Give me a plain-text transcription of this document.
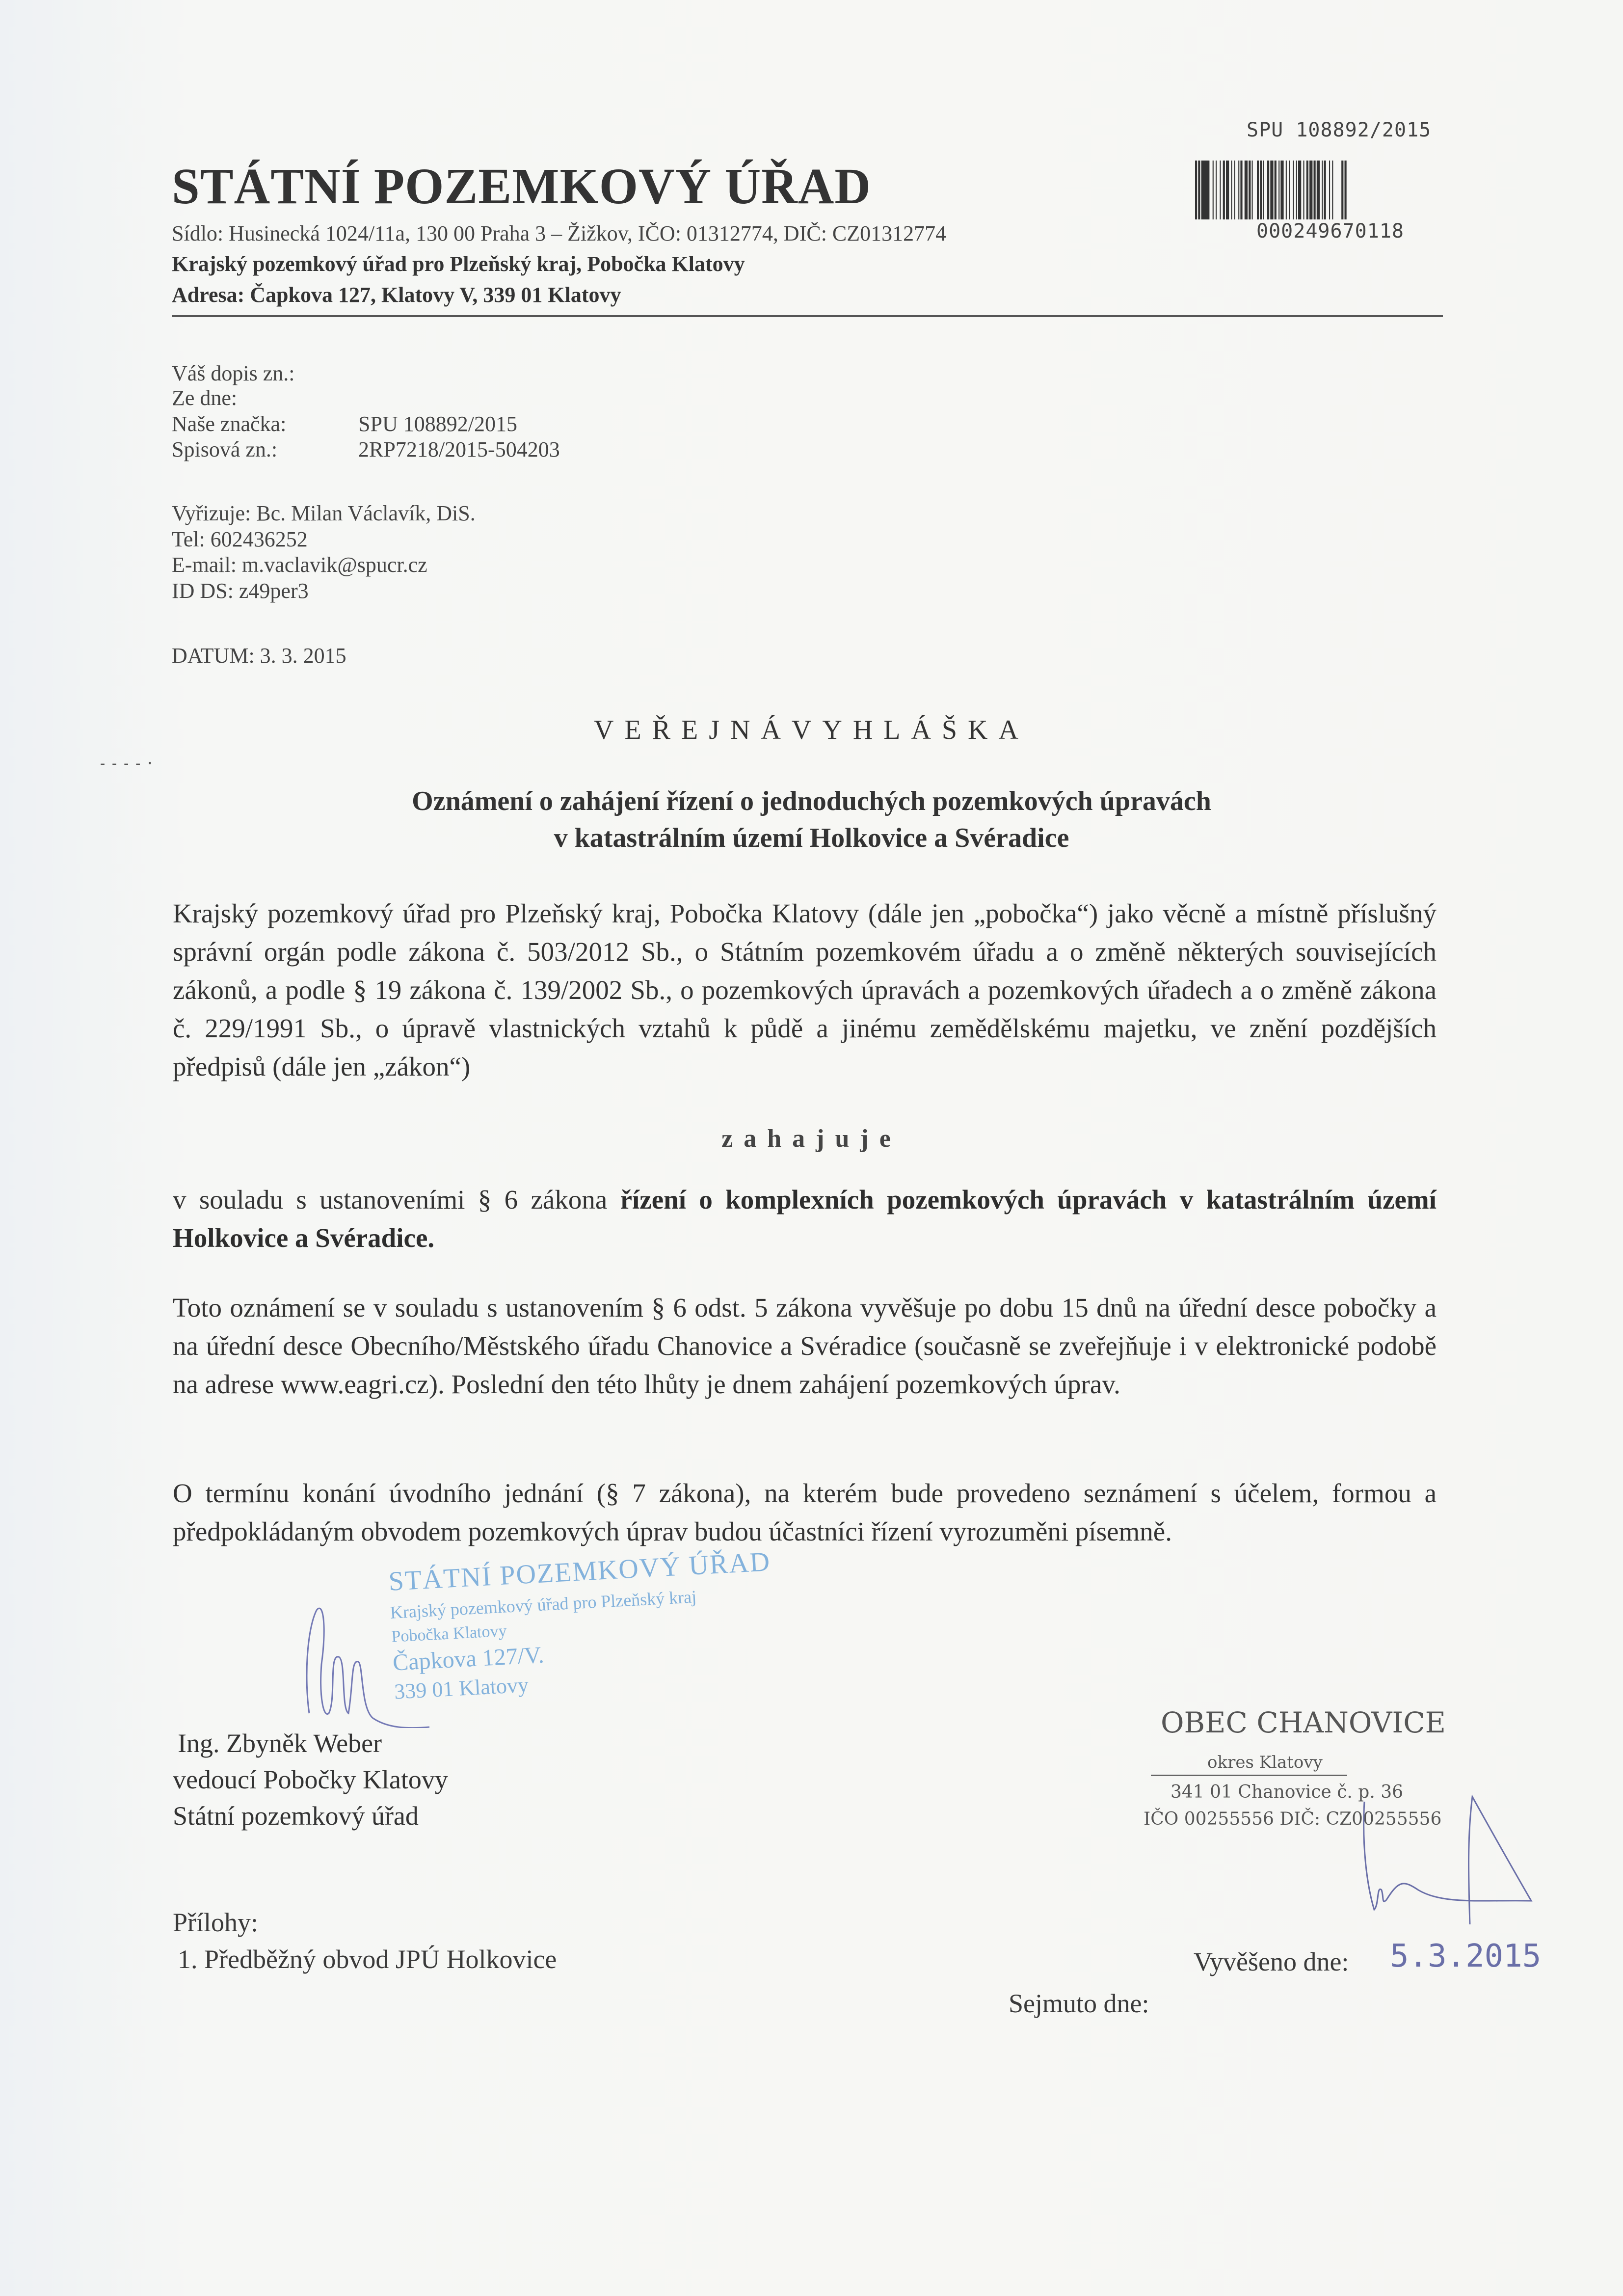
STÁTNÍ POZEMKOVÝ ÚŘAD
Sídlo: Husinecká 1024/11a, 130 00 Praha 3 – Žižkov, IČO: 01312774, DIČ: CZ01312774
Krajský pozemkový úřad pro Plzeňský kraj, Pobočka Klatovy
Adresa: Čapkova 127, Klatovy V, 339 01 Klatovy
SPU 108892/2015
000249670118
Váš dopis zn.:
Ze dne:
Naše značka:	SPU 108892/2015
Spisová zn.:	2RP7218/2015-504203
Vyřizuje: Bc. Milan Václavík, DiS.
Tel: 602436252
E-mail: m.vaclavik@spucr.cz
ID DS: z49per3
DATUM: 3. 3. 2015
----·
VEŘEJNÁVYHLÁŠKA
Oznámení o zahájení řízení o jednoduchých pozemkových úpravách
v katastrálním území Holkovice a Svéradice
Krajský pozemkový úřad pro Plzeňský kraj, Pobočka Klatovy (dále jen „pobočka“) jako věcně a místně příslušný správní orgán podle zákona č. 503/2012 Sb., o Státním pozemkovém úřadu a o změně některých souvisejících zákonů, a podle § 19 zákona č. 139/2002 Sb., o pozemkových úpravách a pozemkových úřadech a o změně zákona č. 229/1991 Sb., o úpravě vlastnických vztahů k půdě a jinému zemědělskému majetku, ve znění pozdějších předpisů (dále jen „zákon“)
zahajuje
v souladu s ustanoveními § 6 zákona řízení o komplexních pozemkových úpravách v katastrálním území Holkovice a Svéradice.
Toto oznámení se v souladu s ustanovením § 6 odst. 5 zákona vyvěšuje po dobu 15 dnů na úřední desce pobočky a na úřední desce Obecního/Městského úřadu Chanovice a Svéradice (současně se zveřejňuje i v elektronické podobě na adrese www.eagri.cz). Poslední den této lhůty je dnem zahájení pozemkových úprav.
O termínu konání úvodního jednání (§ 7 zákona), na kterém bude provedeno seznámení s účelem, formou a předpokládaným obvodem pozemkových úprav budou účastníci řízení vyrozuměni písemně.
STÁTNÍ POZEMKOVÝ ÚŘAD
Krajský pozemkový úřad pro Plzeňský kraj
Pobočka Klatovy
Čapkova 127/V.
339 01 Klatovy
Ing. Zbyněk Weber
vedoucí Pobočky Klatovy
Státní pozemkový úřad
OBEC CHANOVICE
okres Klatovy
341 01 Chanovice č. p. 36
IČO 00255556 DIČ: CZ00255556
Přílohy:
1. Předběžný obvod JPÚ Holkovice	Vyvěšeno dne: 5.3.2015
Sejmuto dne:
